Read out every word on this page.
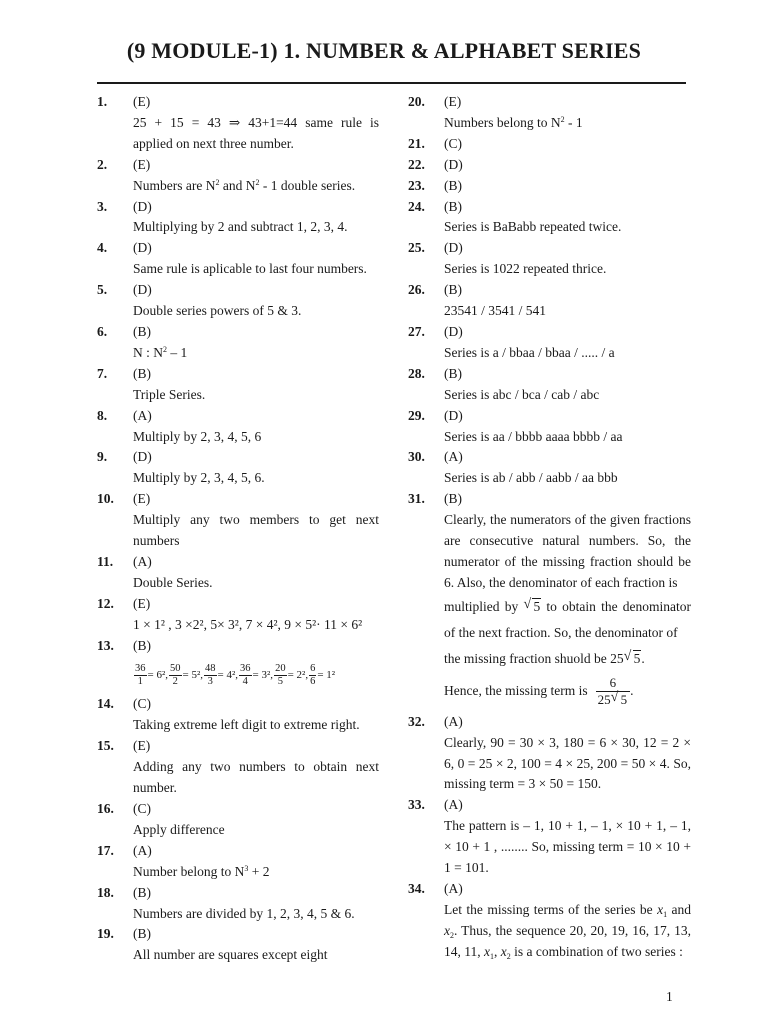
(9 MODULE-1) 1. NUMBER & ALPHABET SERIES
1.	(E)
25 + 15 = 43 ⇒ 43+1=44 same rule is applied on next three number.
2.	(E)
Numbers are $N^2$ and $N^2 - 1$ double series.
3.	(D)
Multiplying by 2 and subtract 1, 2, 3, 4.
4.	(D)
Same rule is aplicable to last four numbers.
5.	(D)
Double series powers of 5 & 3.
6.	(B)
N : $N^2 - 1$
7.	(B)
Triple Series.
8.	(A)
Multiply by 2, 3, 4, 5, 6
9.	(D)
Multiply by 2, 3, 4, 5, 6.
10.	(E)
Multiply any two members to get next numbers
11.	(A)
Double Series.
12.	(E)
1 × 1² , 3 ×2², 5× 3², 7 × 4², 9 × 5²· 11 × 6²
13.	(B)
$\frac{36}{1} = 6^2$, $\frac{50}{2} = 5^2$, $\frac{48}{3} = 4^2$, $\frac{36}{4} = 3^2$, $\frac{20}{5} = 2^2$, $\frac{6}{6} = 1^2$
14.	(C)
Taking extreme left digit to extreme right.
15.	(E)
Adding any two numbers to obtain next number.
16.	(C)
Apply difference
17.	(A)
Number belong to $N^3 + 2$
18.	(B)
Numbers are divided by 1, 2, 3, 4, 5 & 6.
19.	(B)
All number are squares except eight
20.	(E)
Numbers belong to $N^2 - 1$
21.	(C)
22.	(D)
23.	(B)
24.	(B)
Series is BaBabb repeated twice.
25.	(D)
Series is 1022 repeated thrice.
26.	(B)
23541 / 3541 / 541
27.	(D)
Series is a / bbaa / bbaa / ..... / a
28.	(B)
Series is abc / bca / cab / abc
29.	(D)
Series is aa / bbbb aaaa bbbb / aa
30.	(A)
Series is ab / abb / aabb / aa bbb
31.	(B)
Clearly, the numerators of the given fractions are consecutive natural numbers. So, the numerator of the missing fraction should be 6. Also, the denominator of each fraction is
multiplied by √ 5 to obtain the denominator of the next fraction. So, the denominator of
the missing fraction shuold be 25 √ 5.
Hence, the missing term is
6
25 √ 5
.
32.	(A)
Clearly, 90 = 30 × 3, 180 = 6 × 30, 12 = 2 × 6, 0 = 25 × 2, 100 = 4 × 25, 200 = 50 × 4. So, missing term = 3 × 50 = 150.
33.	(A)
The pattern is – 1, 10 + 1, – 1, × 10 + 1, – 1, × 10 + 1 , ........ So, missing term = 10 × 10 + 1 = 101.
34.	(A)
Let the missing terms of the series be $x_1$ and $x_2$. Thus, the sequence 20, 20, 19, 16, 17, 13, 14, 11, $x_1$, $x_2$ is a combination of two series :
1
